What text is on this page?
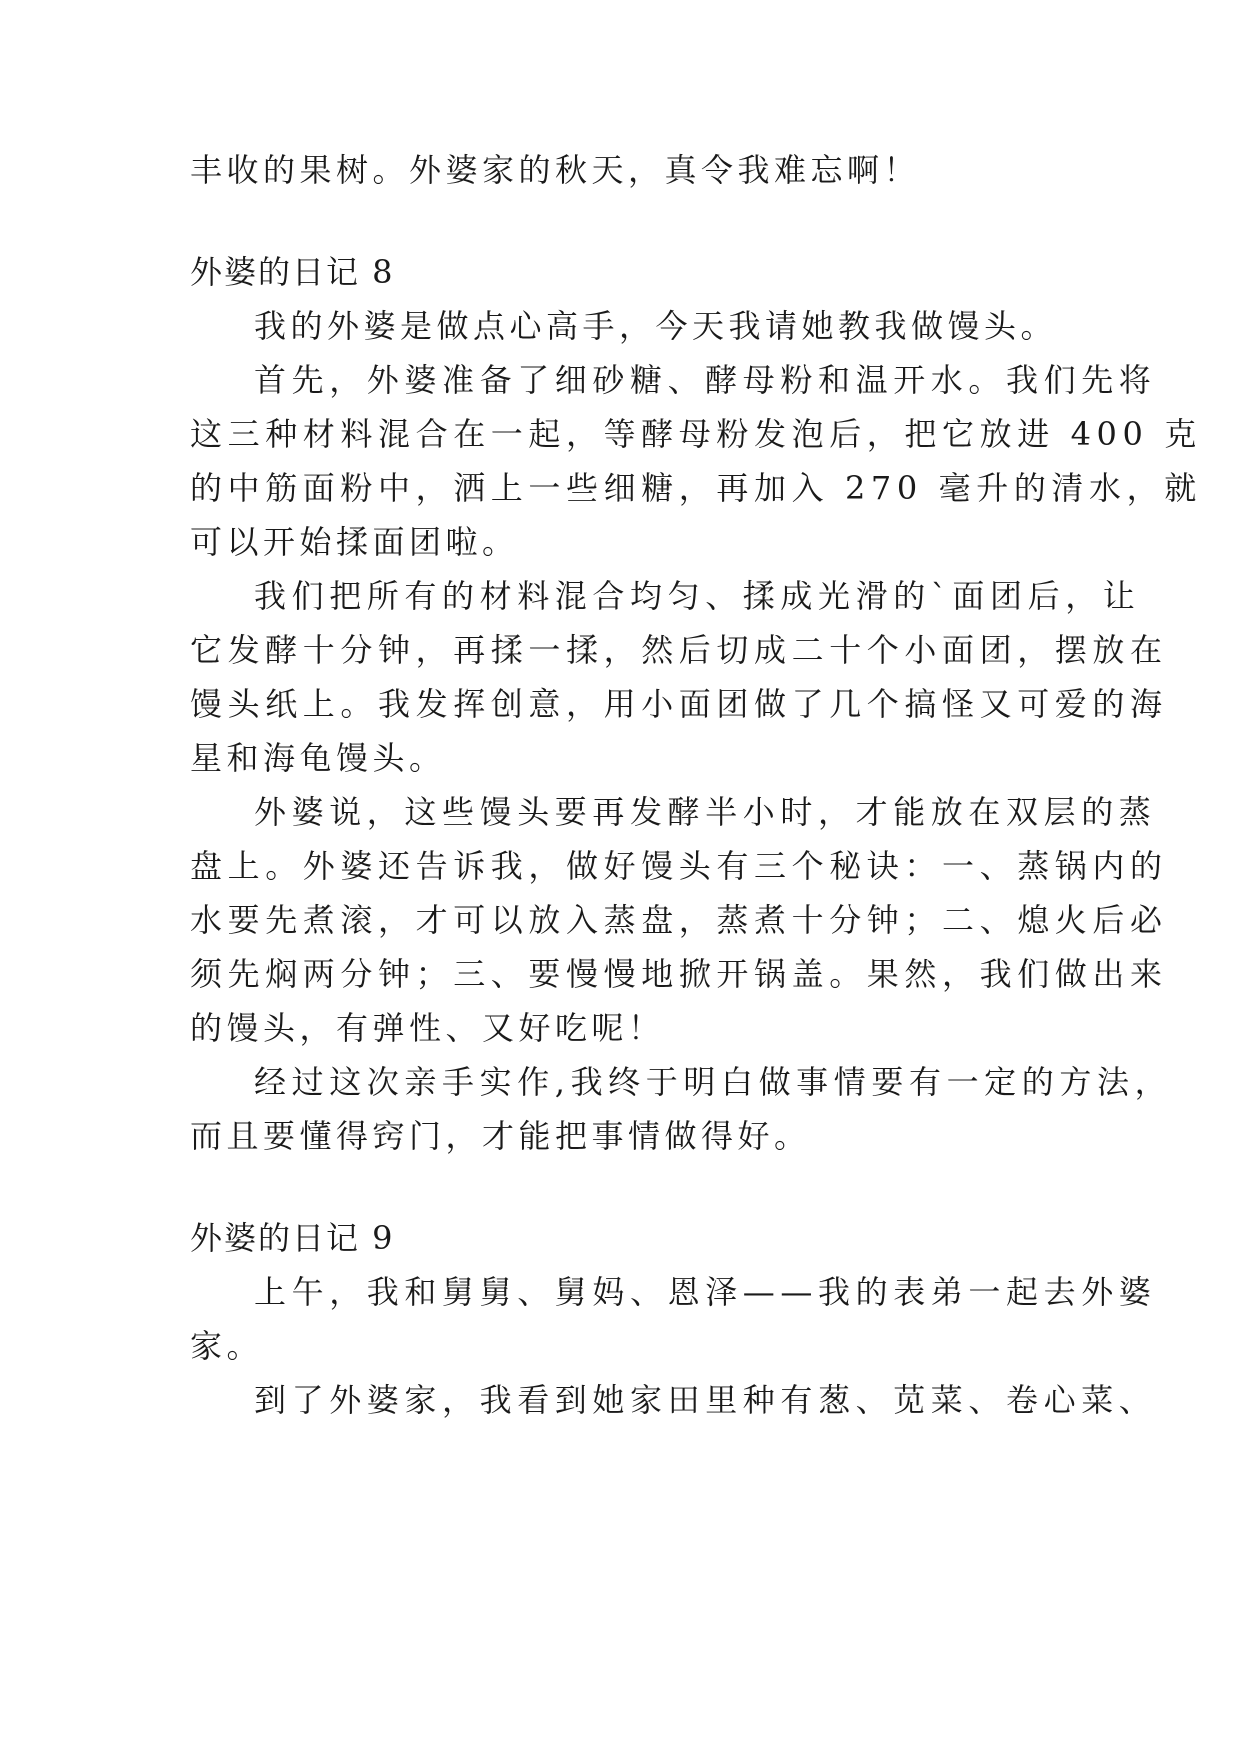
丰收的果树。外婆家的秋天，真令我难忘啊！
外婆的日记 8
我的外婆是做点心高手，今天我请她教我做馒头。
首先，外婆准备了细砂糖、酵母粉和温开水。我们先将
这三种材料混合在一起，等酵母粉发泡后，把它放进 400 克
的中筋面粉中，洒上一些细糖，再加入 270 毫升的清水，就
可以开始揉面团啦。
我们把所有的材料混合均匀、揉成光滑的`面团后，让
它发酵十分钟，再揉一揉，然后切成二十个小面团，摆放在
馒头纸上。我发挥创意，用小面团做了几个搞怪又可爱的海
星和海龟馒头。
外婆说，这些馒头要再发酵半小时，才能放在双层的蒸
盘上。外婆还告诉我，做好馒头有三个秘诀：一、蒸锅内的
水要先煮滚，才可以放入蒸盘，蒸煮十分钟；二、熄火后必
须先焖两分钟；三、要慢慢地掀开锅盖。果然，我们做出来
的馒头，有弹性、又好吃呢！
经过这次亲手实作,我终于明白做事情要有一定的方法，
而且要懂得窍门，才能把事情做得好。
外婆的日记 9
上午，我和舅舅、舅妈、恩泽——我的表弟一起去外婆
家。
到了外婆家，我看到她家田里种有葱、苋菜、卷心菜、
